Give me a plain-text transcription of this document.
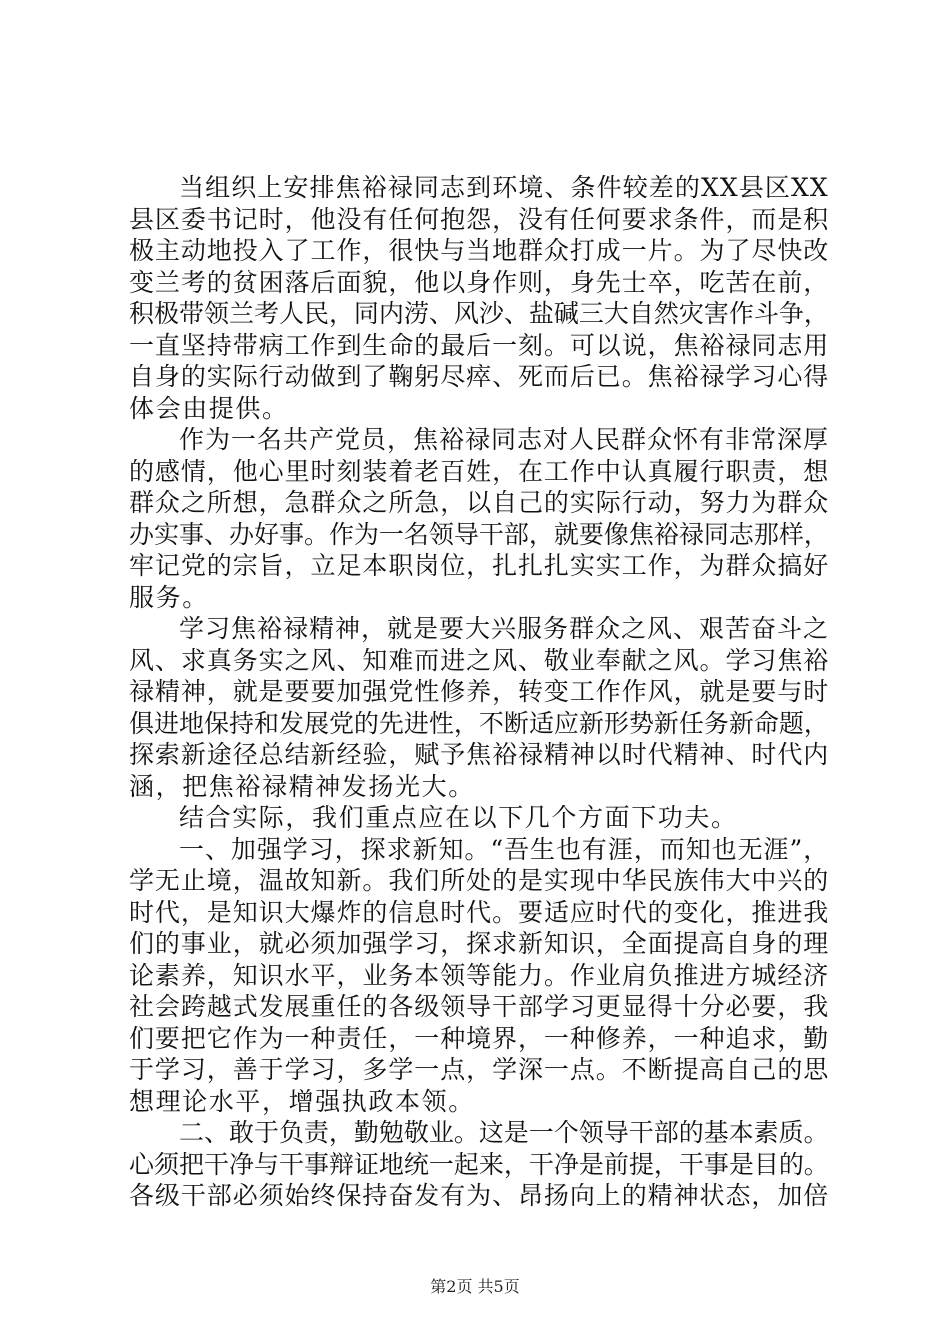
当组织上安排焦裕禄同志到环境、条件较差的XX县区XX
县区委书记时，他没有任何抱怨，没有任何要求条件，而是积
极主动地投入了工作，很快与当地群众打成一片。为了尽快改
变兰考的贫困落后面貌，他以身作则，身先士卒，吃苦在前，
积极带领兰考人民，同内涝、风沙、盐碱三大自然灾害作斗争，
一直坚持带病工作到生命的最后一刻。可以说，焦裕禄同志用
自身的实际行动做到了鞠躬尽瘁、死而后已。焦裕禄学习心得
体会由提供。
作为一名共产党员，焦裕禄同志对人民群众怀有非常深厚
的感情，他心里时刻装着老百姓，在工作中认真履行职责，想
群众之所想，急群众之所急，以自己的实际行动，努力为群众
办实事、办好事。作为一名领导干部，就要像焦裕禄同志那样，
牢记党的宗旨，立足本职岗位，扎扎扎实实工作，为群众搞好
服务。
学习焦裕禄精神，就是要大兴服务群众之风、艰苦奋斗之
风、求真务实之风、知难而进之风、敬业奉献之风。学习焦裕
禄精神，就是要要加强党性修养，转变工作作风，就是要与时
俱进地保持和发展党的先进性，不断适应新形势新任务新命题，
探索新途径总结新经验，赋予焦裕禄精神以时代精神、时代内
涵，把焦裕禄精神发扬光大。
结合实际，我们重点应在以下几个方面下功夫。
一、加强学习，探求新知。“吾生也有涯，而知也无涯”，
学无止境，温故知新。我们所处的是实现中华民族伟大中兴的
时代，是知识大爆炸的信息时代。要适应时代的变化，推进我
们的事业，就必须加强学习，探求新知识，全面提高自身的理
论素养，知识水平，业务本领等能力。作业肩负推进方城经济
社会跨越式发展重任的各级领导干部学习更显得十分必要，我
们要把它作为一种责任，一种境界，一种修养，一种追求，勤
于学习，善于学习，多学一点，学深一点。不断提高自己的思
想理论水平，增强执政本领。
二、敢于负责，勤勉敬业。这是一个领导干部的基本素质。
心须把干净与干事辩证地统一起来，干净是前提，干事是目的。
各级干部必须始终保持奋发有为、昂扬向上的精神状态，加倍
第2页 共5页
